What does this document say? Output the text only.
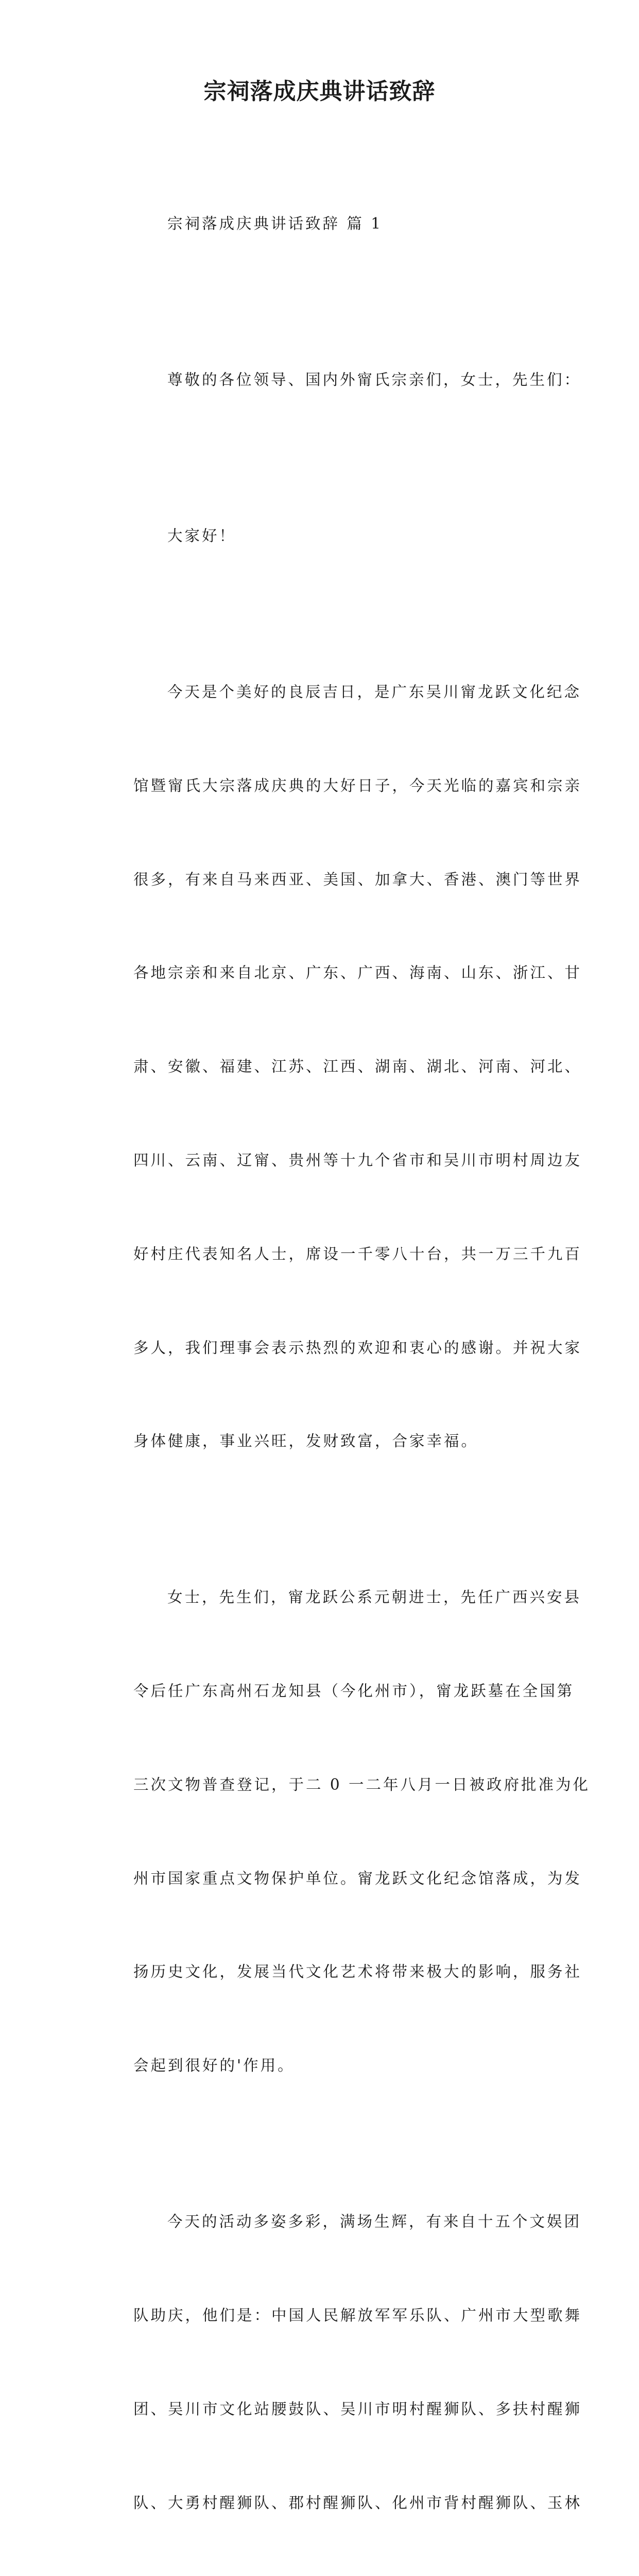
宗祠落成庆典讲话致辞

宗祠落成庆典讲话致辞 篇 1

尊敬的各位领导、国内外甯氏宗亲们，女士，先生们：

大家好！

今天是个美好的良辰吉日，是广东吴川甯龙跃文化纪念

馆暨甯氏大宗落成庆典的大好日子，今天光临的嘉宾和宗亲

很多，有来自马来西亚、美国、加拿大、香港、澳门等世界

各地宗亲和来自北京、广东、广西、海南、山东、浙江、甘

肃、安徽、福建、江苏、江西、湖南、湖北、河南、河北、

四川、云南、辽甯、贵州等十九个省市和吴川市明村周边友

好村庄代表知名人士，席设一千零八十台，共一万三千九百

多人，我们理事会表示热烈的欢迎和衷心的感谢。并祝大家

身体健康，事业兴旺，发财致富，合家幸福。

女士，先生们，甯龙跃公系元朝进士，先任广西兴安县

令后任广东高州石龙知县（今化州市），甯龙跃墓在全国第

三次文物普查登记，于二 0 一二年八月一日被政府批准为化

州市国家重点文物保护单位。甯龙跃文化纪念馆落成，为发

扬历史文化，发展当代文化艺术将带来极大的影响，服务社

会起到很好的'作用。

今天的活动多姿多彩，满场生辉，有来自十五个文娱团

队助庆，他们是：中国人民解放军军乐队、广州市大型歌舞

团、吴川市文化站腰鼓队、吴川市明村醒狮队、多扶村醒狮

队、大勇村醒狮队、郡村醒狮队、化州市背村醒狮队、玉林
